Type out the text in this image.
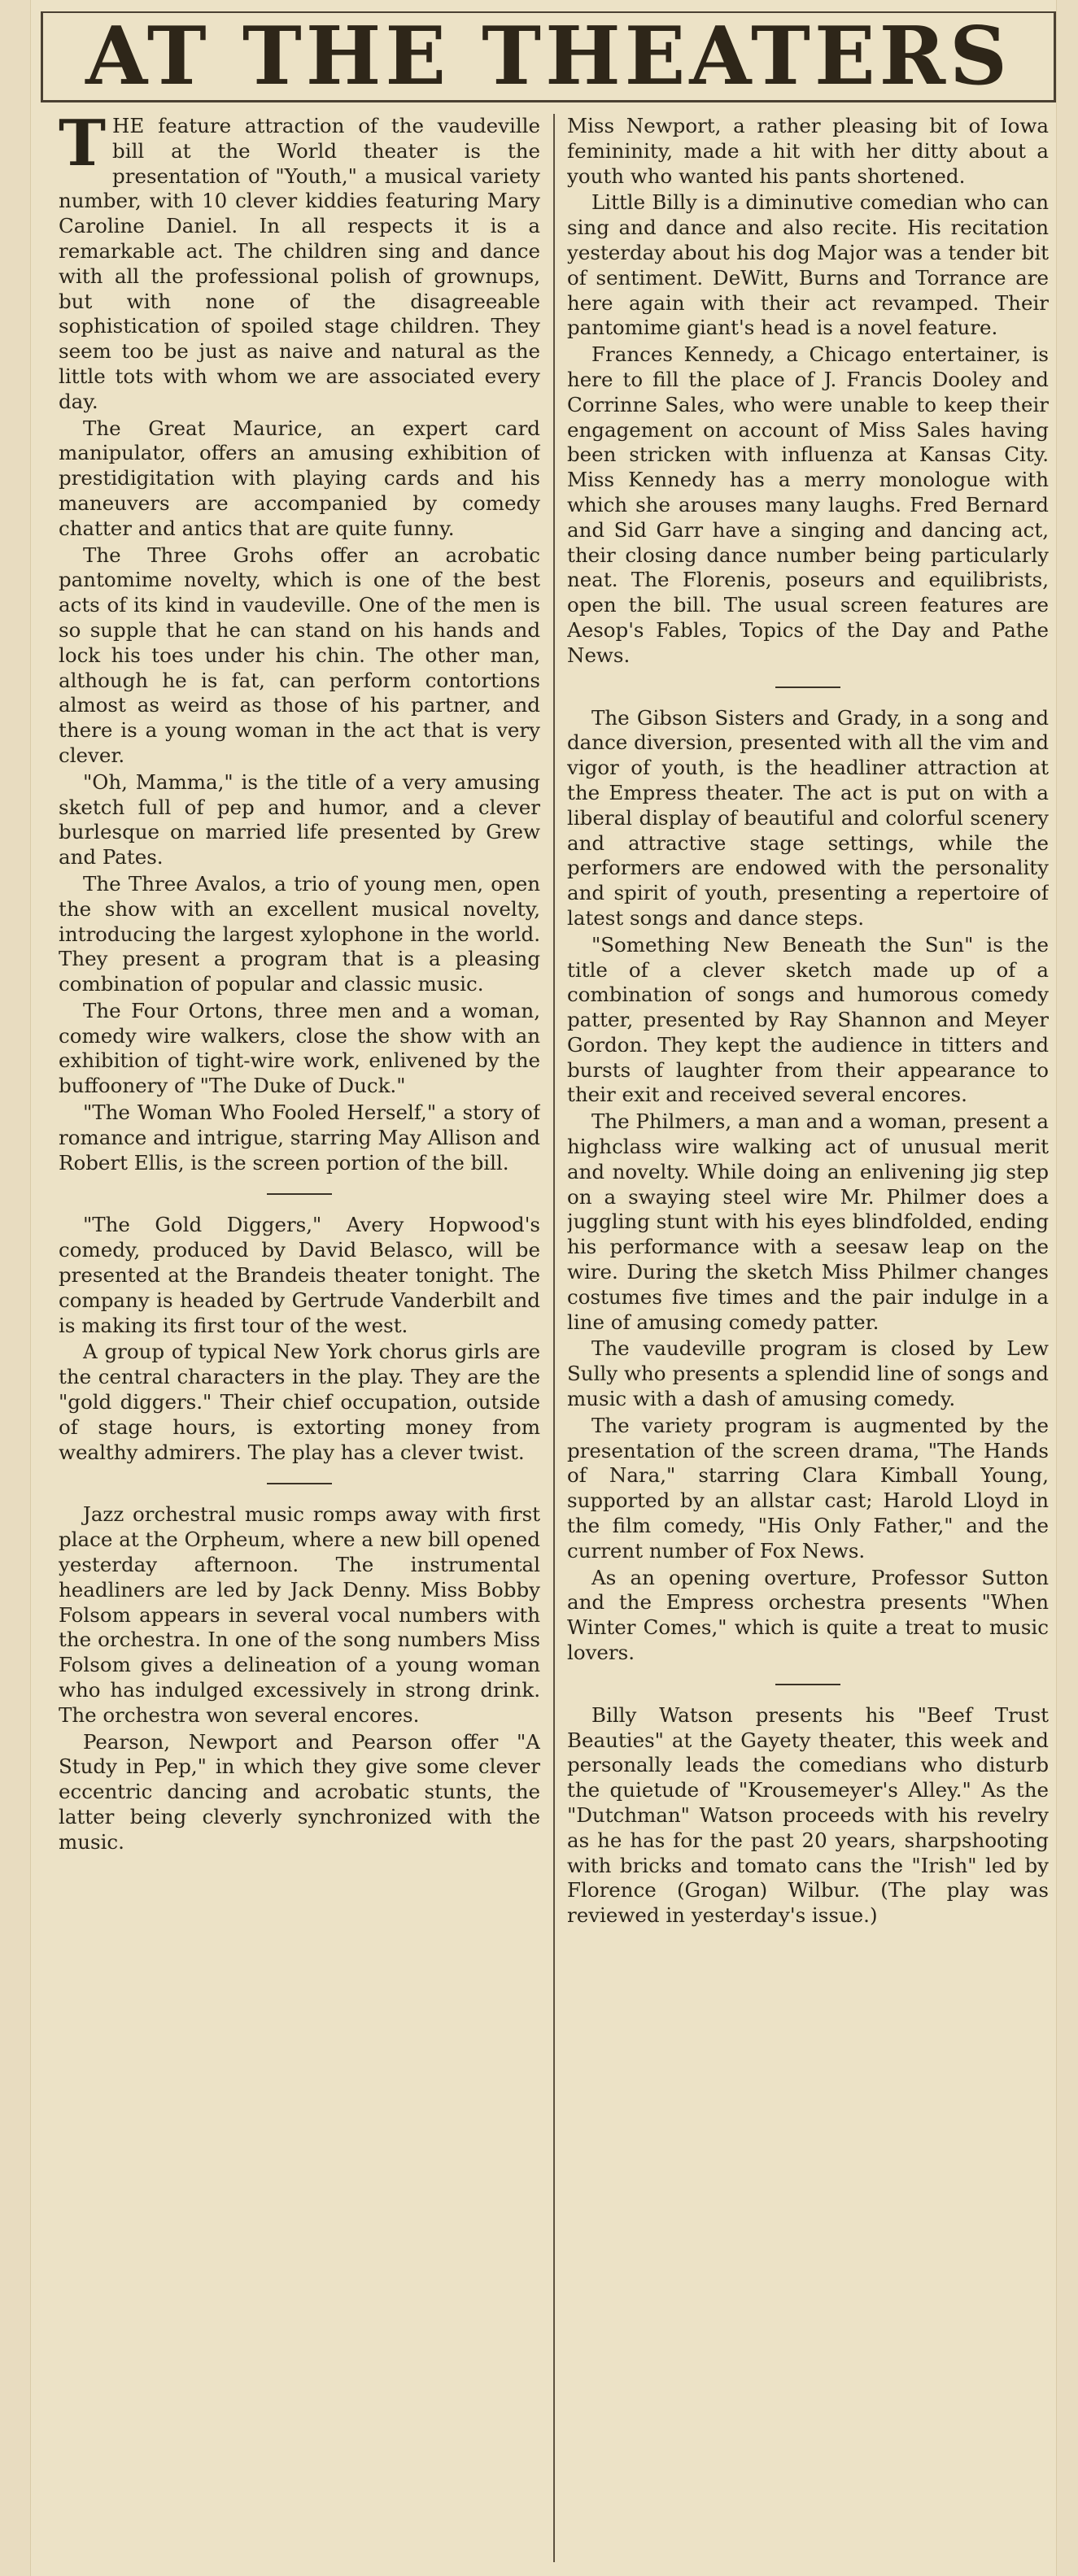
AT THE THEATERS

THE feature attraction of the vaudeville bill at the World theater is the presentation of "Youth," a musical variety number, with 10 clever kiddies featuring Mary Caroline Daniel. In all respects it is a remarkable act. The children sing and dance with all the professional polish of grownups, but with none of the disagreeable sophistication of spoiled stage children. They seem too be just as naive and natural as the little tots with whom we are associated every day.

The Great Maurice, an expert card manipulator, offers an amusing exhibition of prestidigitation with playing cards and his maneuvers are accompanied by comedy chatter and antics that are quite funny.

The Three Grohs offer an acrobatic pantomime novelty, which is one of the best acts of its kind in vaudeville. One of the men is so supple that he can stand on his hands and lock his toes under his chin. The other man, although he is fat, can perform contortions almost as weird as those of his partner, and there is a young woman in the act that is very clever.

"Oh, Mamma," is the title of a very amusing sketch full of pep and humor, and a clever burlesque on married life presented by Grew and Pates.

The Three Avalos, a trio of young men, open the show with an excellent musical novelty, introducing the largest xylophone in the world. They present a program that is a pleasing combination of popular and classic music.

The Four Ortons, three men and a woman, comedy wire walkers, close the show with an exhibition of tight-wire work, enlivened by the buffoonery of "The Duke of Duck."

"The Woman Who Fooled Herself," a story of romance and intrigue, starring May Allison and Robert Ellis, is the screen portion of the bill.

"The Gold Diggers," Avery Hopwood's comedy, produced by David Belasco, will be presented at the Brandeis theater tonight. The company is headed by Gertrude Vanderbilt and is making its first tour of the west.

A group of typical New York chorus girls are the central characters in the play. They are the "gold diggers." Their chief occupation, outside of stage hours, is extorting money from wealthy admirers. The play has a clever twist.

Jazz orchestral music romps away with first place at the Orpheum, where a new bill opened yesterday afternoon. The instrumental headliners are led by Jack Denny. Miss Bobby Folsom appears in several vocal numbers with the orchestra. In one of the song numbers Miss Folsom gives a delineation of a young woman who has indulged excessively in strong drink. The orchestra won several encores.

Pearson, Newport and Pearson offer "A Study in Pep," in which they give some clever eccentric dancing and acrobatic stunts, the latter being cleverly synchronized with the music.

Miss Newport, a rather pleasing bit of Iowa femininity, made a hit with her ditty about a youth who wanted his pants shortened.

Little Billy is a diminutive comedian who can sing and dance and also recite. His recitation yesterday about his dog Major was a tender bit of sentiment. DeWitt, Burns and Torrance are here again with their act revamped. Their pantomime giant's head is a novel feature.

Frances Kennedy, a Chicago entertainer, is here to fill the place of J. Francis Dooley and Corrinne Sales, who were unable to keep their engagement on account of Miss Sales having been stricken with influenza at Kansas City. Miss Kennedy has a merry monologue with which she arouses many laughs. Fred Bernard and Sid Garr have a singing and dancing act, their closing dance number being particularly neat. The Florenis, poseurs and equilibrists, open the bill. The usual screen features are Aesop's Fables, Topics of the Day and Pathe News.

The Gibson Sisters and Grady, in a song and dance diversion, presented with all the vim and vigor of youth, is the headliner attraction at the Empress theater. The act is put on with a liberal display of beautiful and colorful scenery and attractive stage settings, while the performers are endowed with the personality and spirit of youth, presenting a repertoire of latest songs and dance steps.

"Something New Beneath the Sun" is the title of a clever sketch made up of a combination of songs and humorous comedy patter, presented by Ray Shannon and Meyer Gordon. They kept the audience in titters and bursts of laughter from their appearance to their exit and received several encores.

The Philmers, a man and a woman, present a highclass wire walking act of unusual merit and novelty. While doing an enlivening jig step on a swaying steel wire Mr. Philmer does a juggling stunt with his eyes blindfolded, ending his performance with a seesaw leap on the wire. During the sketch Miss Philmer changes costumes five times and the pair indulge in a line of amusing comedy patter.

The vaudeville program is closed by Lew Sully who presents a splendid line of songs and music with a dash of amusing comedy.

The variety program is augmented by the presentation of the screen drama, "The Hands of Nara," starring Clara Kimball Young, supported by an allstar cast; Harold Lloyd in the film comedy, "His Only Father," and the current number of Fox News.

As an opening overture, Professor Sutton and the Empress orchestra presents "When Winter Comes," which is quite a treat to music lovers.

Billy Watson presents his "Beef Trust Beauties" at the Gayety theater, this week and personally leads the comedians who disturb the quietude of "Krousemeyer's Alley." As the "Dutchman" Watson proceeds with his revelry as he has for the past 20 years, sharpshooting with bricks and tomato cans the "Irish" led by Florence (Grogan) Wilbur. (The play was reviewed in yesterday's issue.)
